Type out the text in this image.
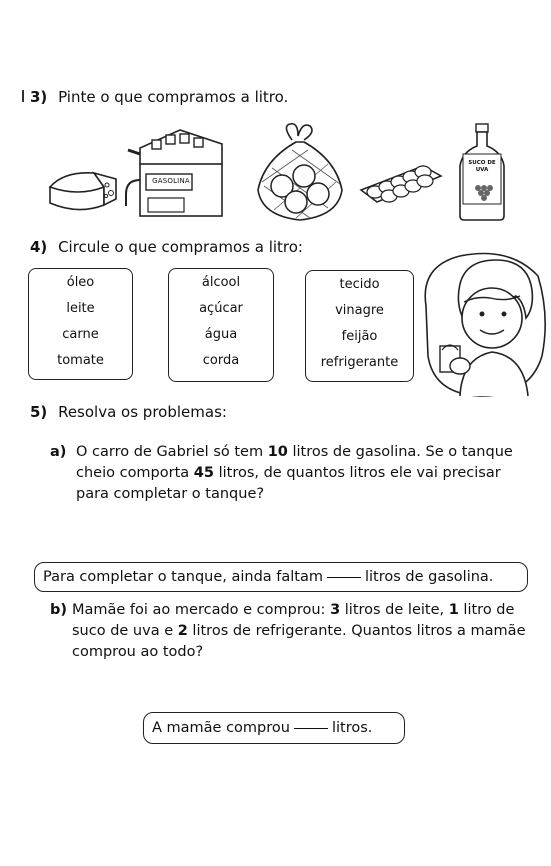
3) Pinte o que compramos a litro.
GASOLINA
SUCO DE UVA
4) Circule o que compramos a litro:
óleo
leite
carne
tomate
álcool
açúcar
água
corda
tecido
vinagre
feijão
refrigerante
5) Resolva os problemas:
a) O carro de Gabriel só tem 10 litros de gasolina. Se o tanque
cheio comporta 45 litros, de quantos litros ele vai precisar
para completar o tanque?
Para completar o tanque, ainda faltam	litros de gasolina.
b) Mamãe foi ao mercado e comprou: 3 litros de leite, 1 litro de
suco de uva e 2 litros de refrigerante. Quantos litros a mamãe
comprou ao todo?
A mamãe comprou	litros.
